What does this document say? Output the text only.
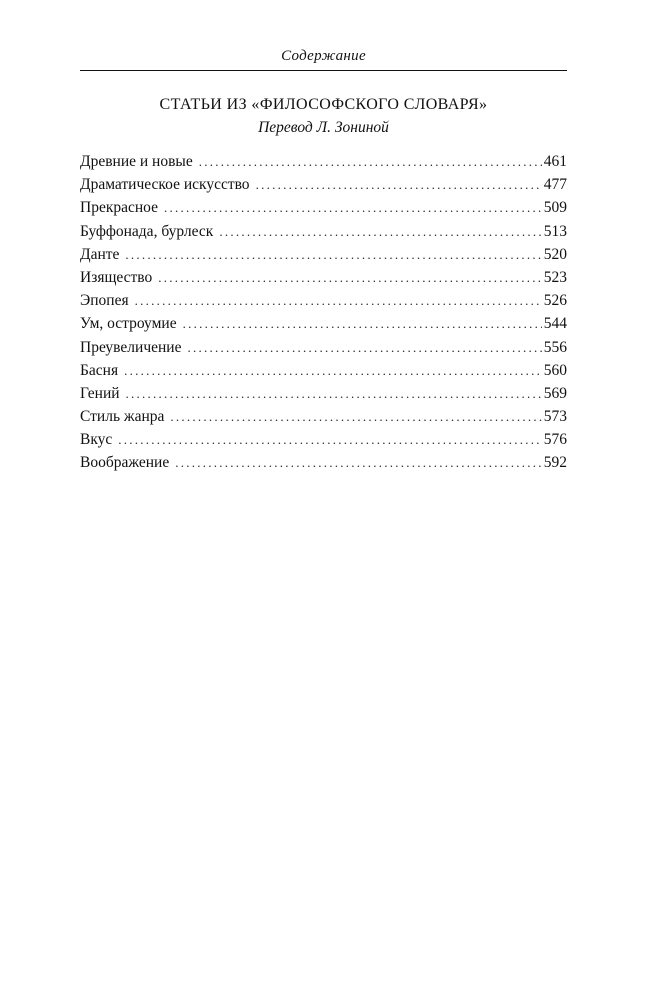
Содержание
СТАТЬИ ИЗ «ФИЛОСОФСКОГО СЛОВАРЯ»
Перевод Л. Зониной
Древние и новые . . .	461
Драматическое искусство . . .	477
Прекрасное . . .	509
Буффонада, бурлеск . . .	513
Данте . . .	520
Изящество . . .	523
Эпопея . . .	526
Ум, остроумие . . .	544
Преувеличение . . .	556
Басня . . .	560
Гений . . .	569
Стиль жанра . . .	573
Вкус . . .	576
Воображение . . .	592
